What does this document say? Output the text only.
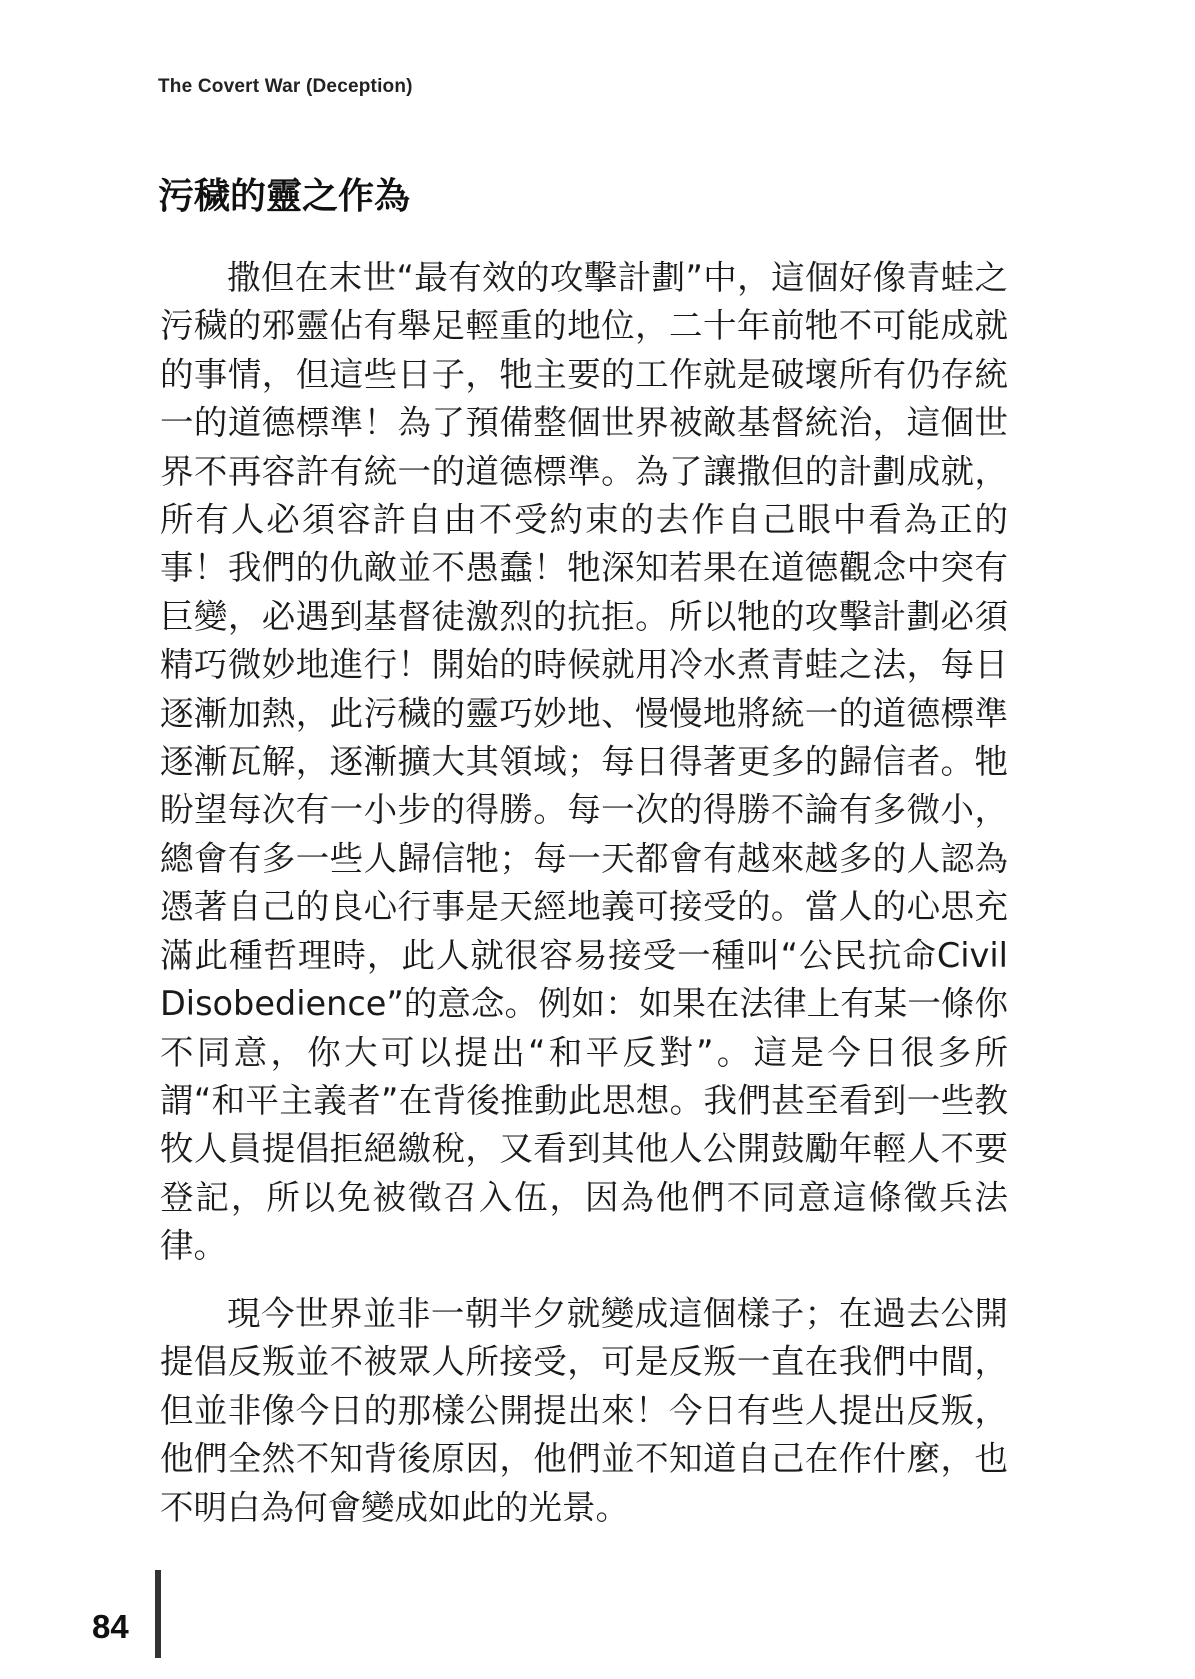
The Covert War (Deception)
污穢的靈之作為

撒但在末世“最有效的攻擊計劃”中，這個好像青蛙之污穢的邪靈佔有舉足輕重的地位，二十年前牠不可能成就的事情，但這些日子，牠主要的工作就是破壞所有仍存統一的道德標準！為了預備整個世界被敵基督統治，這個世界不再容許有統一的道德標準。為了讓撒但的計劃成就，所有人必須容許自由不受約束的去作自己眼中看為正的事！我們的仇敵並不愚蠢！牠深知若果在道德觀念中突有巨變，必遇到基督徒激烈的抗拒。所以牠的攻擊計劃必須精巧微妙地進行！開始的時候就用冷水煮青蛙之法，每日逐漸加熱，此污穢的靈巧妙地、慢慢地將統一的道德標準逐漸瓦解，逐漸擴大其領域；每日得著更多的歸信者。牠盼望每次有一小步的得勝。每一次的得勝不論有多微小，總會有多一些人歸信牠；每一天都會有越來越多的人認為憑著自己的良心行事是天經地義可接受的。當人的心思充滿此種哲理時，此人就很容易接受一種叫“公民抗命Civil Disobedience”的意念。例如：如果在法律上有某一條你不同意，你大可以提出“和平反對”。這是今日很多所謂“和平主義者”在背後推動此思想。我們甚至看到一些教牧人員提倡拒絕繳稅，又看到其他人公開鼓勵年輕人不要登記，所以免被徵召入伍，因為他們不同意這條徵兵法律。

現今世界並非一朝半夕就變成這個樣子；在過去公開提倡反叛並不被眾人所接受，可是反叛一直在我們中間，但並非像今日的那樣公開提出來！今日有些人提出反叛，他們全然不知背後原因，他們並不知道自己在作什麼，也不明白為何會變成如此的光景。

84
